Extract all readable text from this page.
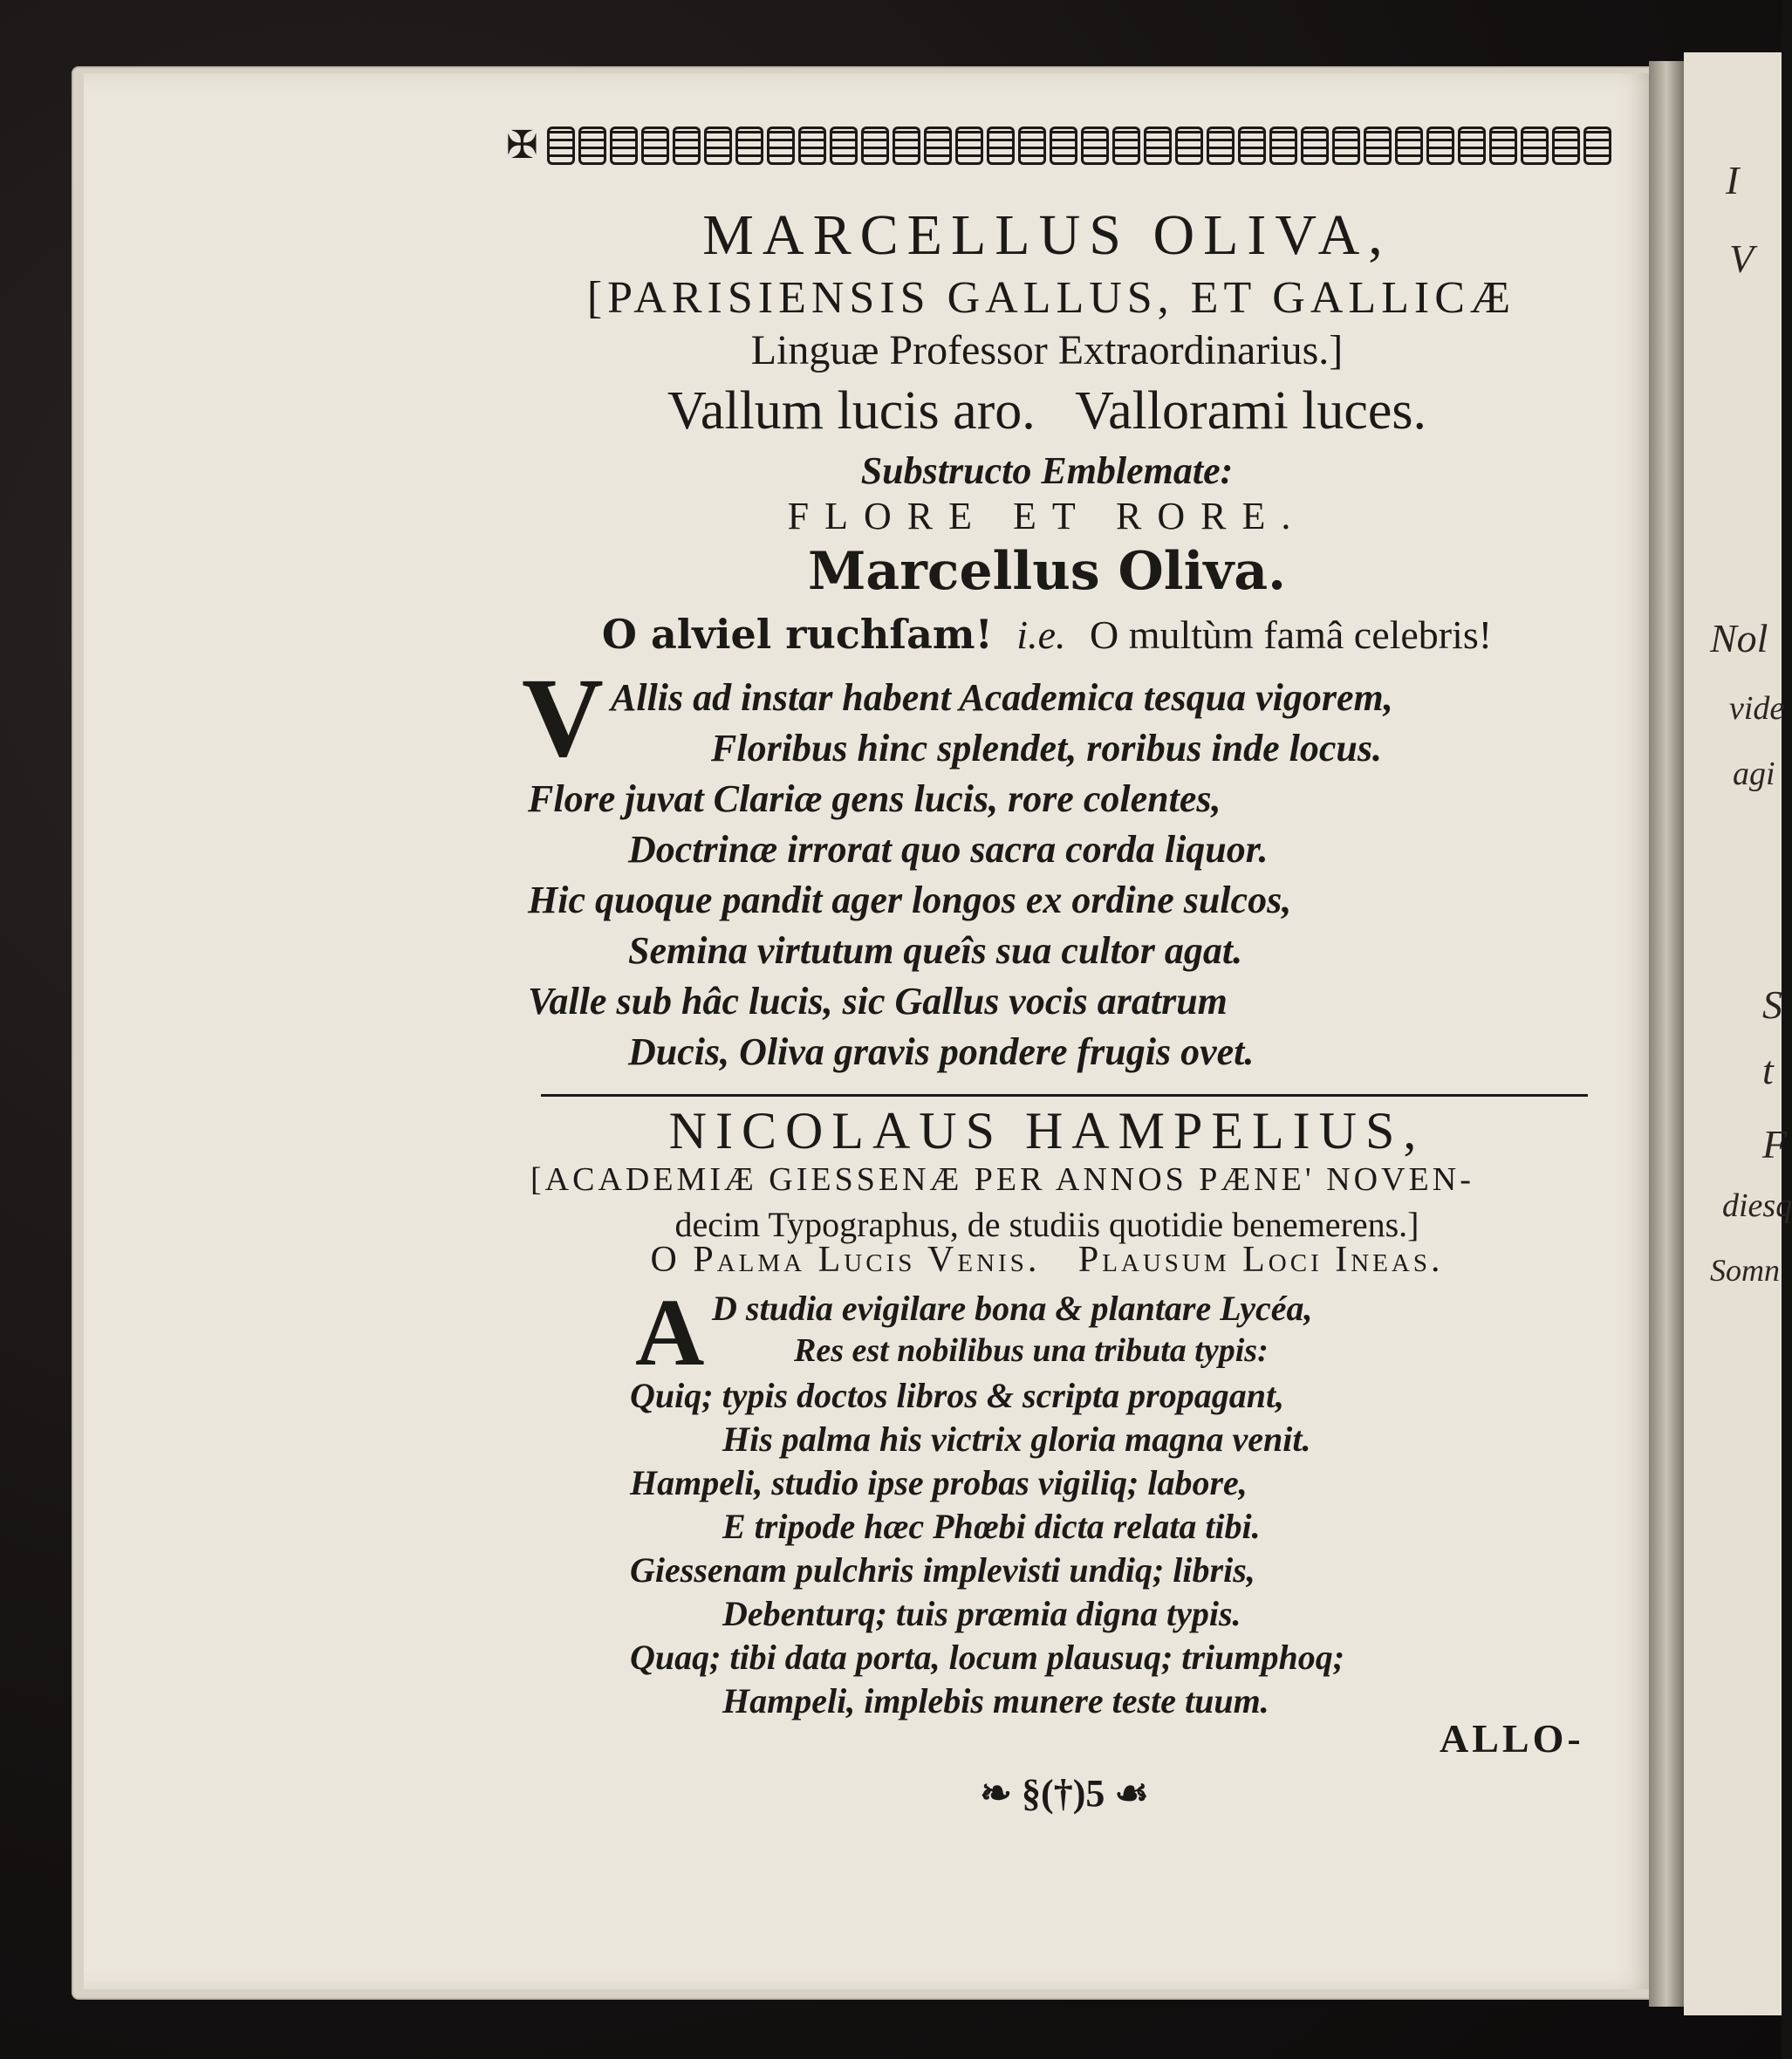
I
V
Nol
vide
agi
S
t
F
diesq
Somn
✠
MARCELLUS OLIVA,
[PARISIENSIS GALLUS, ET GALLICÆ
Linguæ Professor Extraordinarius.]
Vallum lucis aro.   Vallorami luces.
Substructo Emblemate:
FLORE ET RORE.
Marcellus Oliva.
O alviel ruchſam! i.e. O multùm famâ celebris!
V Allis ad instar habent Academica tesqua vigorem,
Floribus hinc splendet, roribus inde locus.
Flore juvat Clariæ gens lucis, rore colentes,
Doctrinæ irrorat quo sacra corda liquor.
Hic quoque pandit ager longos ex ordine sulcos,
Semina virtutum queîs sua cultor agat.
Valle sub hâc lucis, sic Gallus vocis aratrum
Ducis, Oliva gravis pondere frugis ovet.
NICOLAUS HAMPELIUS,
[ACADEMIÆ GIESSENÆ PER ANNOS PÆNE' NOVEN-
decim Typographus, de studiis quotidie benemerens.]
O Palma Lucis Venis.   Plausum Loci Ineas.
A D studia evigilare bona & plantare Lycéa,
Res est nobilibus una tributa typis:
Quiq; typis doctos libros & scripta propagant,
His palma his victrix gloria magna venit.
Hampeli, studio ipse probas vigiliq; labore,
E tripode hæc Phœbi dicta relata tibi.
Giessenam pulchris implevisti undiq; libris,
Debenturq; tuis præmia digna typis.
Quaq; tibi data porta, locum plausuq; triumphoq;
Hampeli, implebis munere teste tuum.
ALLO-
❧ §(†)5 ☙
